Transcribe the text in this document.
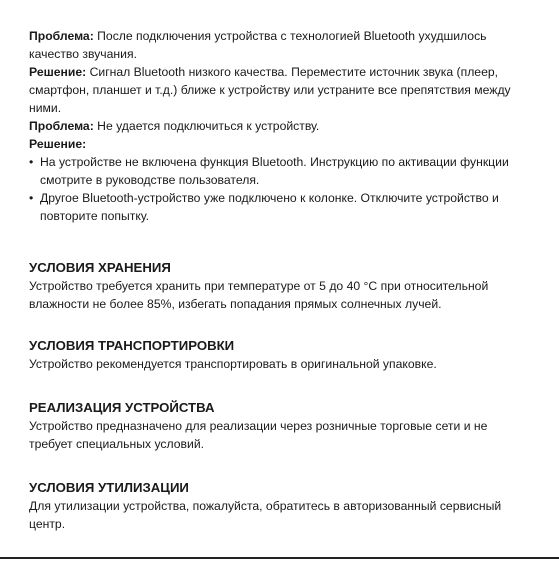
Проблема: После подключения устройства с технологией Bluetooth ухудшилось качество звучания.

Решение: Сигнал Bluetooth низкого качества. Переместите источник звука (плеер, смартфон, планшет и т.д.) ближе к устройству или устраните все препятствия между ними.

Проблема: Не удается подключиться к устройству.

Решение:

• На устройстве не включена функция Bluetooth. Инструкцию по активации функции смотрите в руководстве пользователя.
• Другое Bluetooth-устройство уже подключено к колонке. Отключите устройство и повторите попытку.
УСЛОВИЯ ХРАНЕНИЯ

Устройство требуется хранить при температуре от 5 до 40 °C при относительной влажности не более 85%, избегать попадания прямых солнечных лучей.

УСЛОВИЯ ТРАНСПОРТИРОВКИ

Устройство рекомендуется транспортировать в оригинальной упаковке.

РЕАЛИЗАЦИЯ УСТРОЙСТВА

Устройство предназначено для реализации через розничные торговые сети и не требует специальных условий.

УСЛОВИЯ УТИЛИЗАЦИИ

Для утилизации устройства, пожалуйста, обратитесь в авторизованный сервисный центр.
